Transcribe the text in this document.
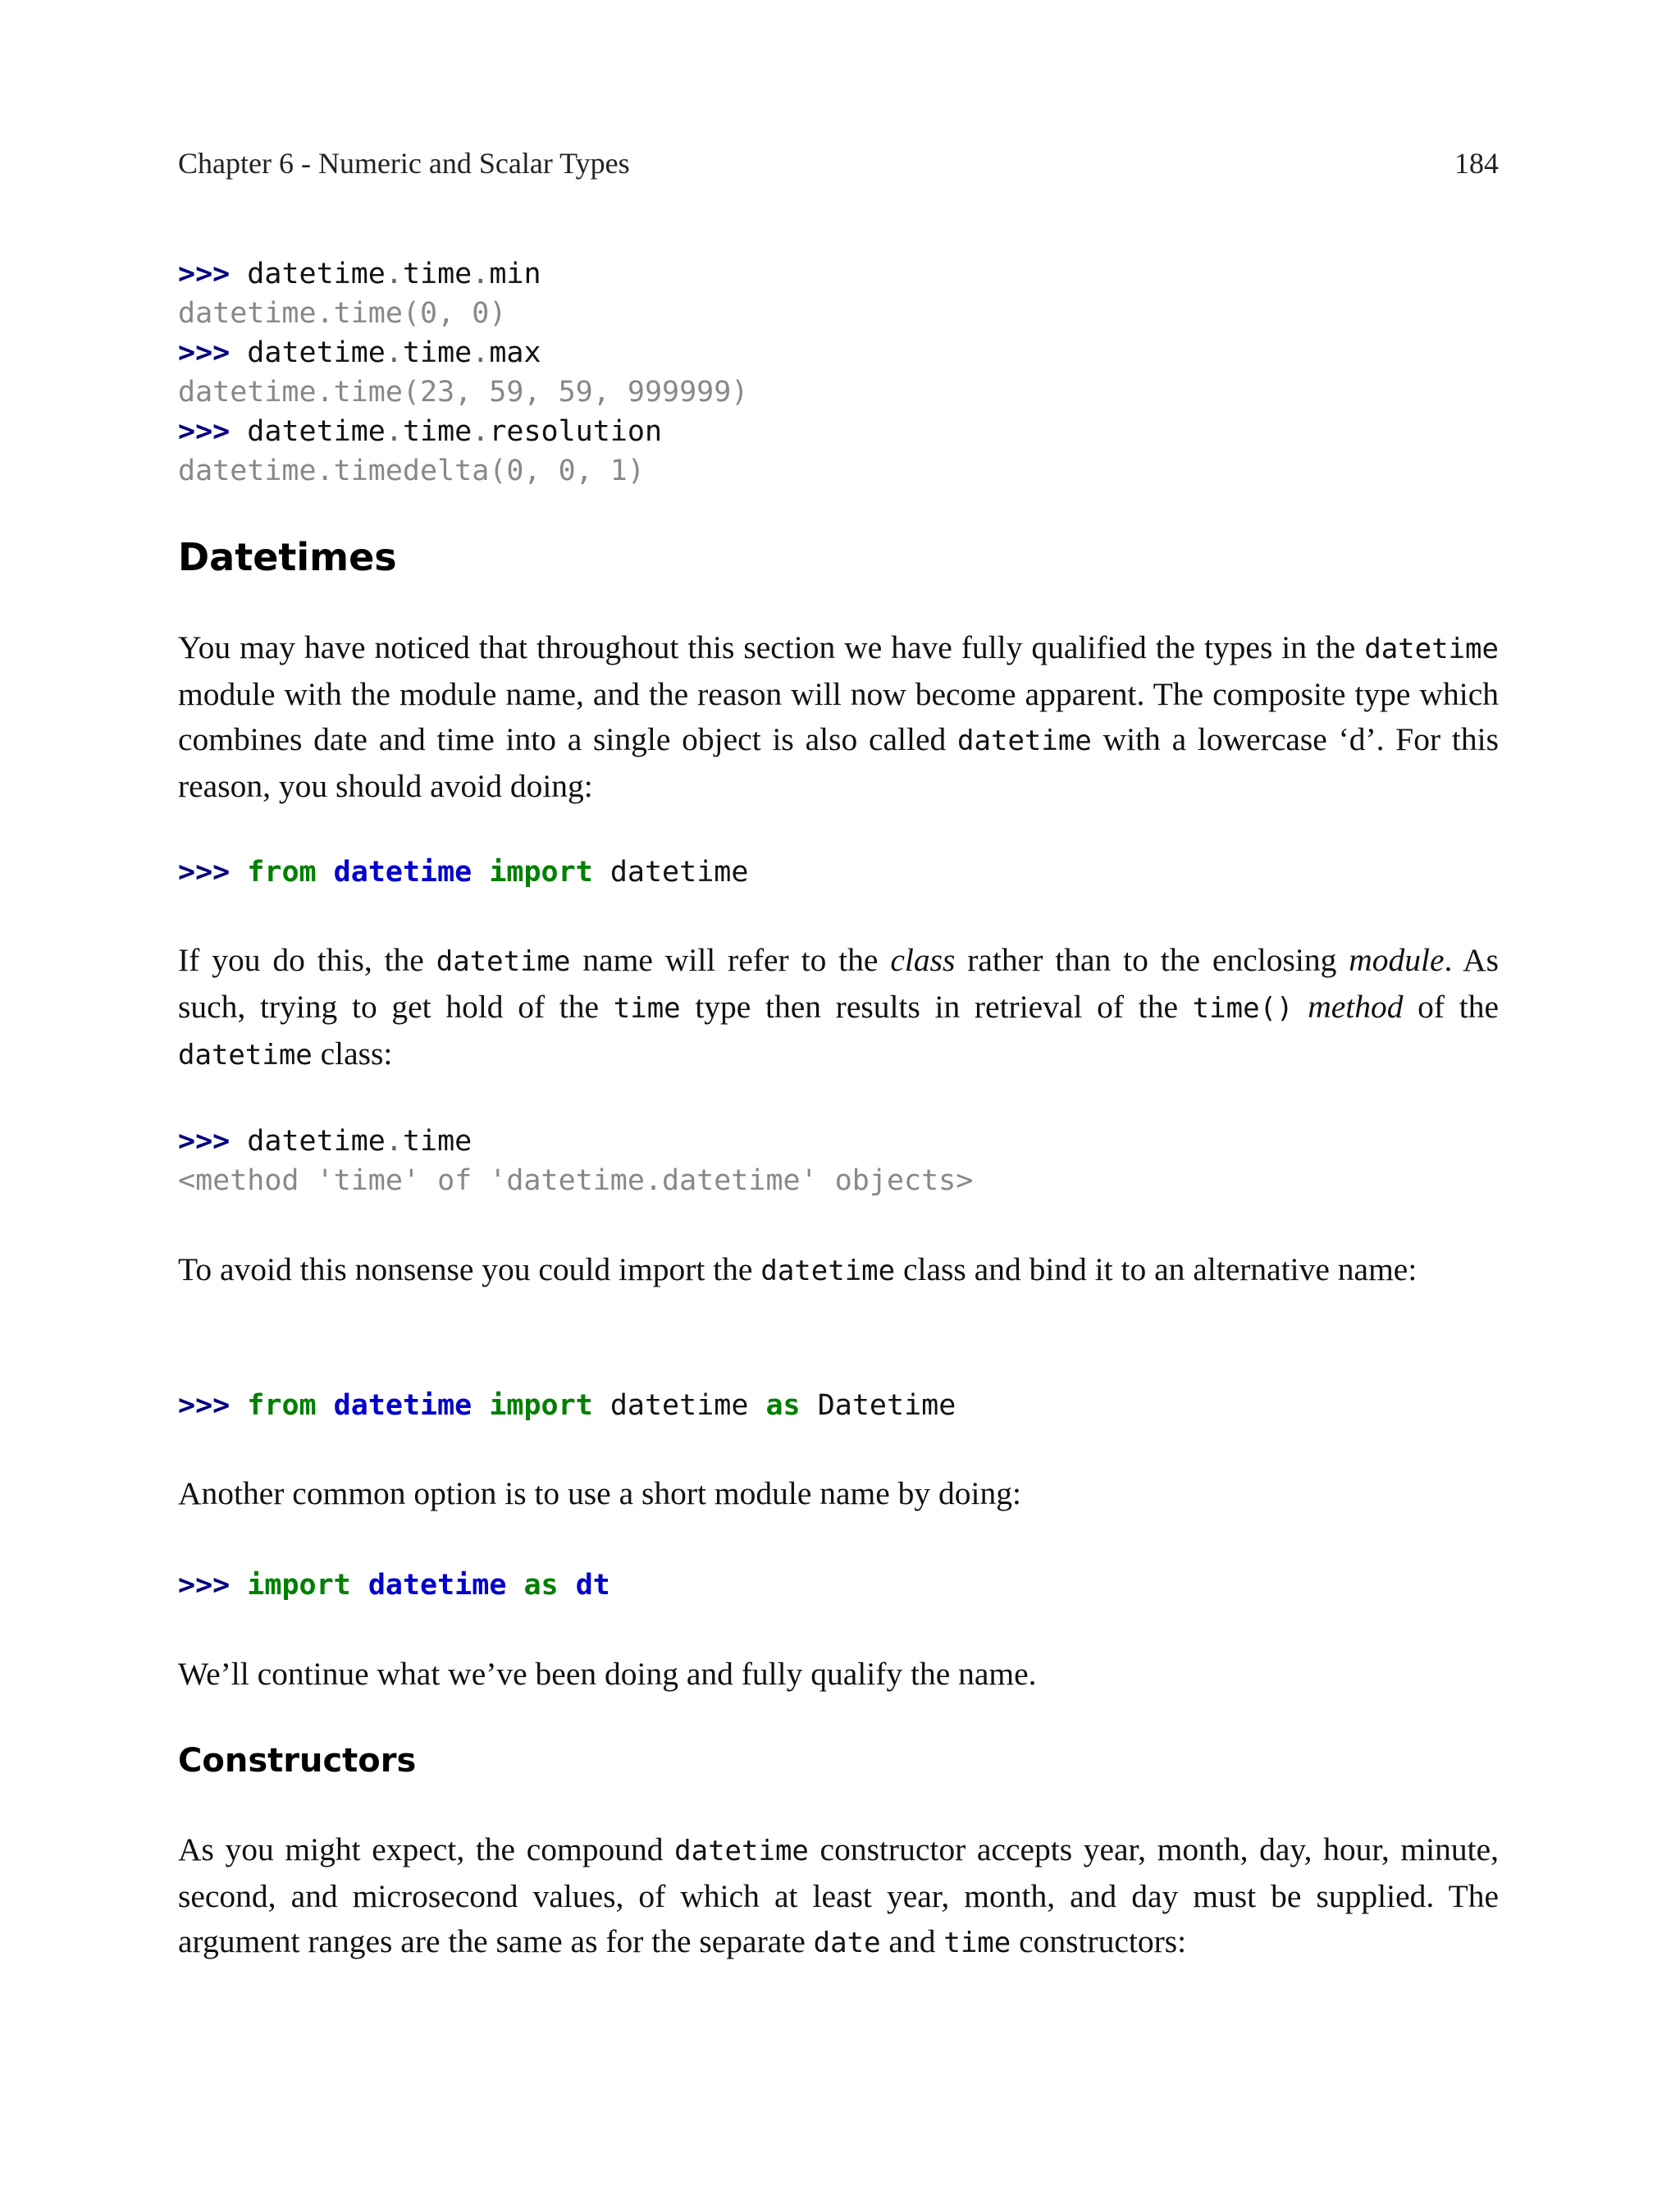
Chapter 6 - Numeric and Scalar Types	184
>>> datetime.time.min
datetime.time(0, 0)
>>> datetime.time.max
datetime.time(23, 59, 59, 999999)
>>> datetime.time.resolution
datetime.timedelta(0, 0, 1)
Datetimes

You may have noticed that throughout this section we have fully qualified the types in the datetime module with the module name, and the reason will now become apparent. The composite type which combines date and time into a single object is also called datetime with a lowercase ‘d’. For this reason, you should avoid doing:

>>> from datetime import datetime

If you do this, the datetime name will refer to the class rather than to the enclosing module. As such, trying to get hold of the time type then results in retrieval of the time() method of the datetime class:

>>> datetime.time
<method 'time' of 'datetime.datetime' objects>

To avoid this nonsense you could import the datetime class and bind it to an alternative name:

>>> from datetime import datetime as Datetime

Another common option is to use a short module name by doing:

>>> import datetime as dt

We’ll continue what we’ve been doing and fully qualify the name.

Constructors

As you might expect, the compound datetime constructor accepts year, month, day, hour, minute, second, and microsecond values, of which at least year, month, and day must be supplied. The argument ranges are the same as for the separate date and time constructors:
